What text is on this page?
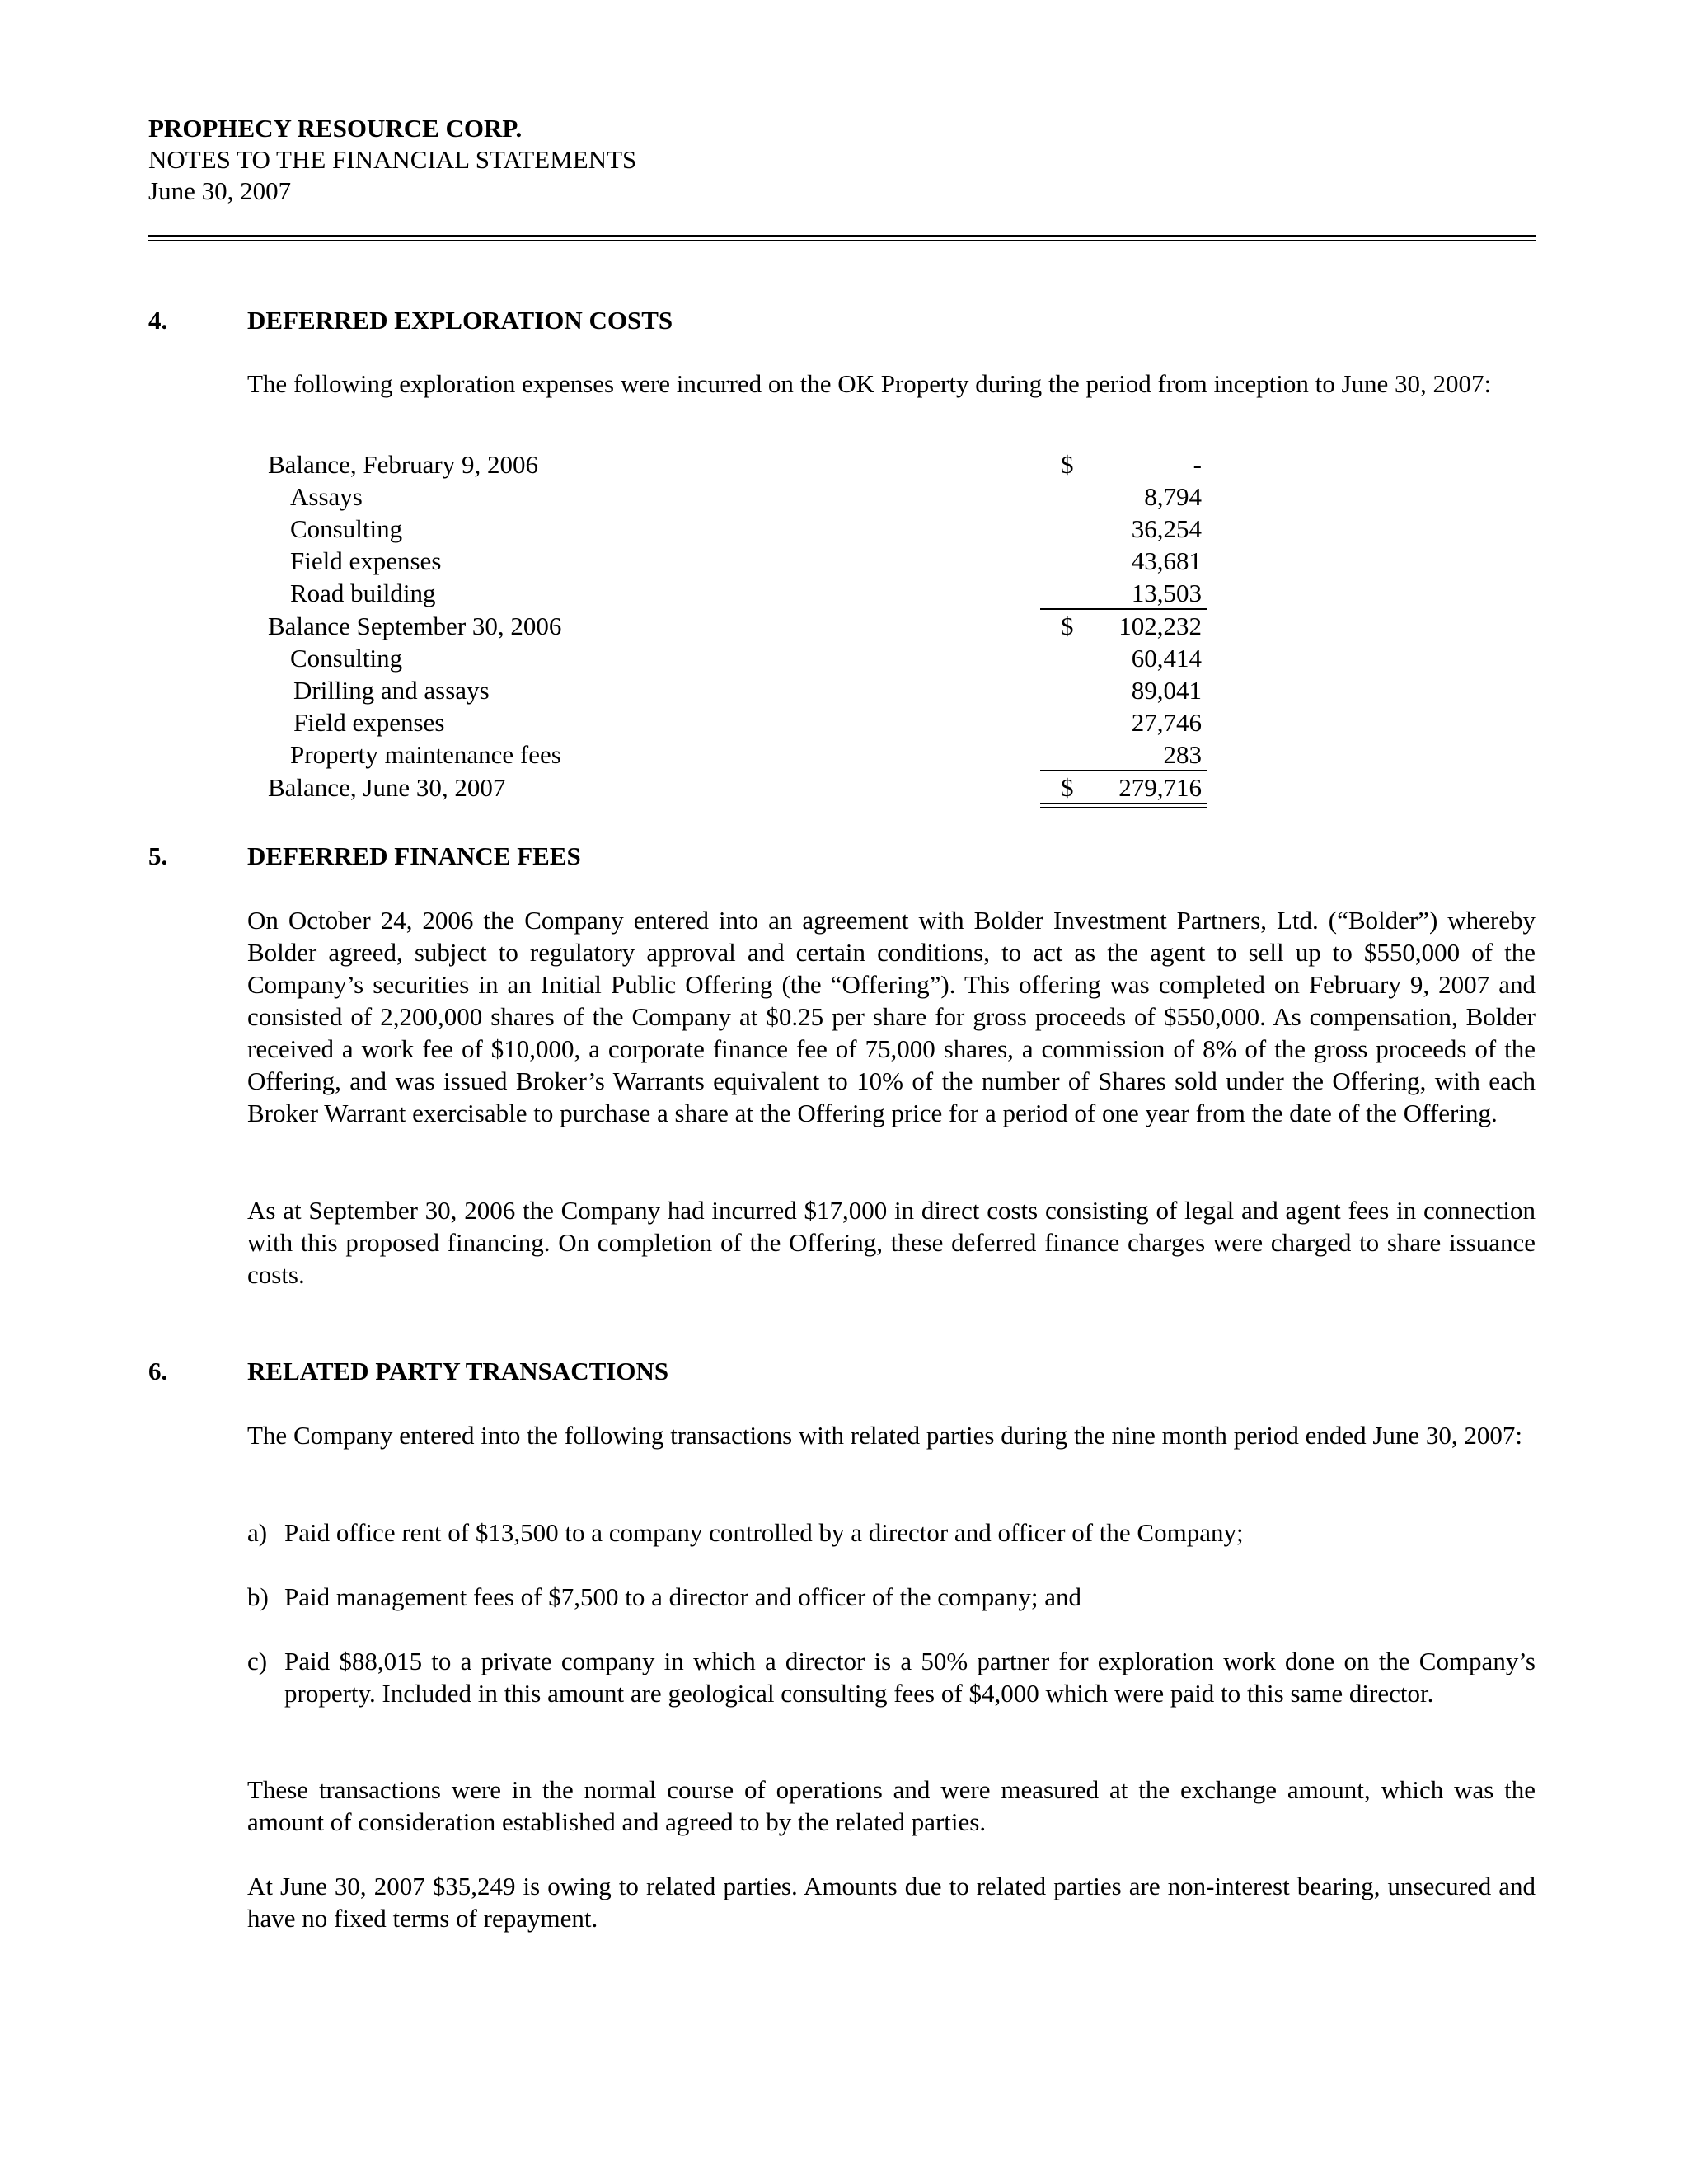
PROPHECY RESOURCE CORP.
NOTES TO THE FINANCIAL STATEMENTS
June 30, 2007
4.	DEFERRED EXPLORATION COSTS

The following exploration expenses were incurred on the OK Property during the period from inception to June 30, 2007:

Balance, February 9, 2006	$	-
Assays	8,794
Consulting	36,254
Field expenses	43,681
Road building	13,503
Balance September 30, 2006	$	102,232
Consulting	60,414
Drilling and assays	89,041
Field expenses	27,746
Property maintenance fees	283
Balance, June 30, 2007	$	279,716
5.	DEFERRED FINANCE FEES

On October 24, 2006 the Company entered into an agreement with Bolder Investment Partners, Ltd. (“Bolder”) whereby Bolder agreed, subject to regulatory approval and certain conditions, to act as the agent to sell up to $550,000 of the Company’s securities in an Initial Public Offering (the “Offering”). This offering was completed on February 9, 2007 and consisted of 2,200,000 shares of the Company at $0.25 per share for gross proceeds of $550,000. As compensation, Bolder received a work fee of $10,000, a corporate finance fee of 75,000 shares, a commission of 8% of the gross proceeds of the Offering, and was issued Broker’s Warrants equivalent to 10% of the number of Shares sold under the Offering, with each Broker Warrant exercisable to purchase a share at the Offering price for a period of one year from the date of the Offering.

As at September 30, 2006 the Company had incurred $17,000 in direct costs consisting of legal and agent fees in connection with this proposed financing. On completion of the Offering, these deferred finance charges were charged to share issuance costs.

6.	RELATED PARTY TRANSACTIONS

The Company entered into the following transactions with related parties during the nine month period ended June 30, 2007:

a) Paid office rent of $13,500 to a company controlled by a director and officer of the Company;

b) Paid management fees of $7,500 to a director and officer of the company; and

c) Paid $88,015 to a private company in which a director is a 50% partner for exploration work done on the Company’s property. Included in this amount are geological consulting fees of $4,000 which were paid to this same director.

These transactions were in the normal course of operations and were measured at the exchange amount, which was the amount of consideration established and agreed to by the related parties.

At June 30, 2007 $35,249 is owing to related parties. Amounts due to related parties are non-interest bearing, unsecured and have no fixed terms of repayment.
